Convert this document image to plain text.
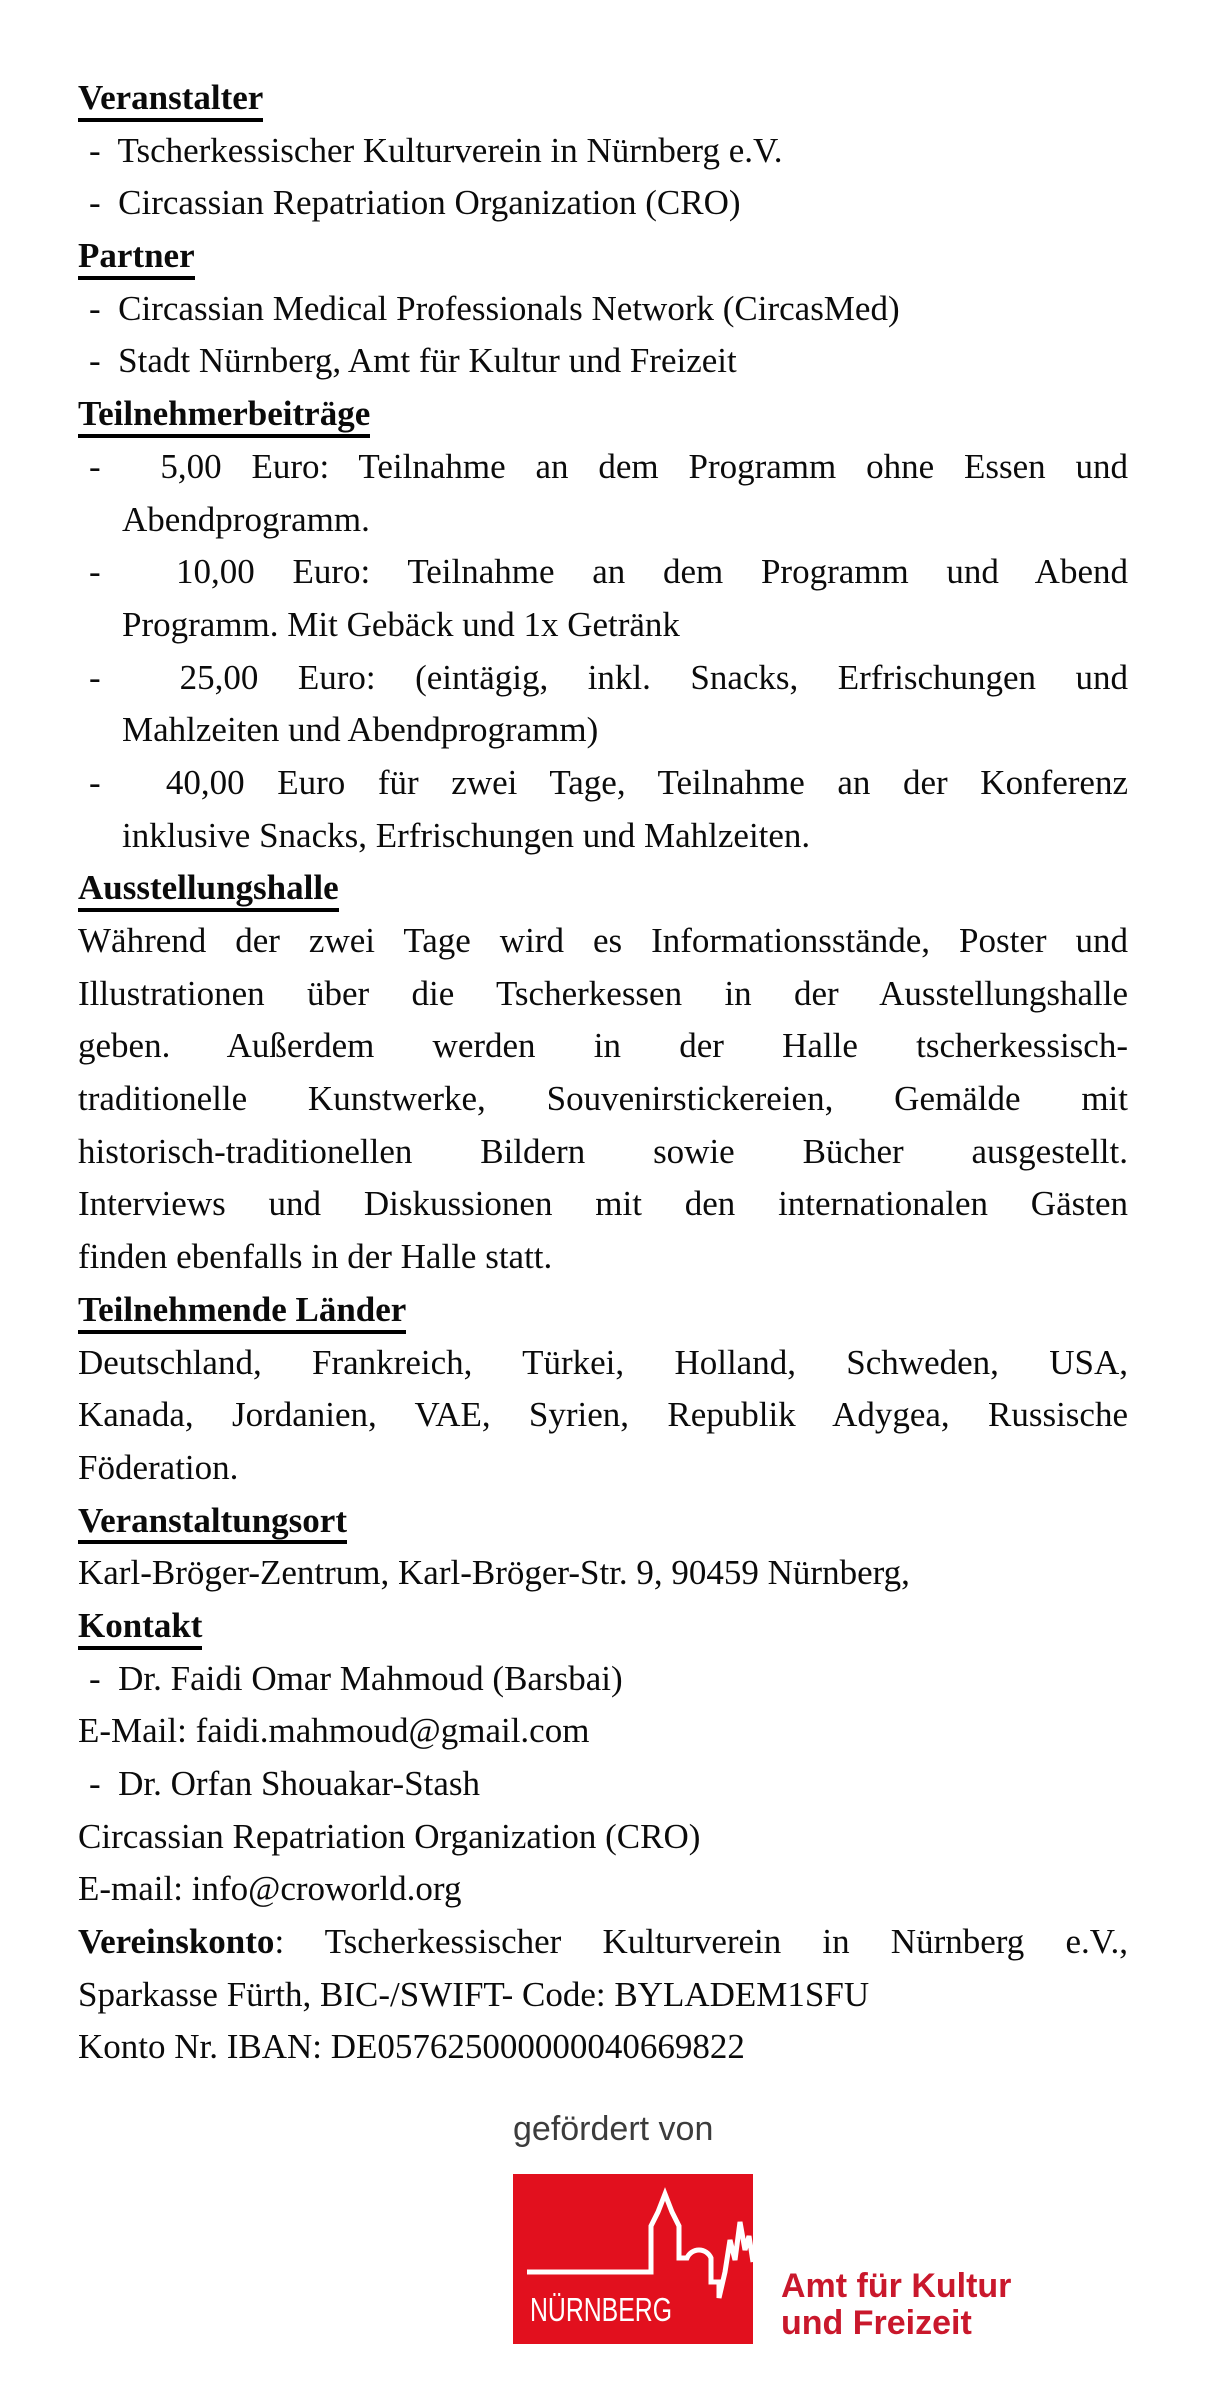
Veranstalter
-  Tscherkessischer Kulturverein in Nürnberg e.V.
-  Circassian Repatriation Organization (CRO)
Partner
-  Circassian Medical Professionals Network (CircasMed)
-  Stadt Nürnberg, Amt für Kultur und Freizeit
Teilnehmerbeiträge
-  5,00 Euro: Teilnahme an dem Programm ohne Essen und
Abendprogramm.
-  10,00 Euro: Teilnahme an dem Programm und Abend
Programm. Mit Gebäck und 1x Getränk
-  25,00 Euro: (eintägig, inkl. Snacks, Erfrischungen und
Mahlzeiten und Abendprogramm)
-  40,00 Euro für zwei Tage, Teilnahme an der Konferenz
inklusive Snacks, Erfrischungen und Mahlzeiten.
Ausstellungshalle
Während der zwei Tage wird es Informationsstände, Poster und
Illustrationen über die Tscherkessen in der Ausstellungshalle
geben. Außerdem werden in der Halle tscherkessisch-
traditionelle Kunstwerke, Souvenirstickereien, Gemälde mit
historisch-traditionellen Bildern sowie Bücher ausgestellt.
Interviews und Diskussionen mit den internationalen Gästen
finden ebenfalls in der Halle statt.
Teilnehmende Länder
Deutschland, Frankreich, Türkei, Holland, Schweden, USA,
Kanada, Jordanien, VAE, Syrien, Republik Adygea, Russische
Föderation.
Veranstaltungsort
Karl-Bröger-Zentrum, Karl-Bröger-Str. 9, 90459 Nürnberg,
Kontakt
-  Dr. Faidi Omar Mahmoud (Barsbai)
E-Mail: faidi.mahmoud@gmail.com
-  Dr. Orfan Shouakar-Stash
Circassian Repatriation Organization (CRO)
E-mail: info@croworld.org
Vereinskonto: Tscherkessischer Kulturverein in Nürnberg e.V.,
Sparkasse Fürth, BIC-/SWIFT- Code: BYLADEM1SFU
Konto Nr. IBAN: DE057625000000040669822
gefördert von
NÜRNBERG
Amt für Kultur
und Freizeit
